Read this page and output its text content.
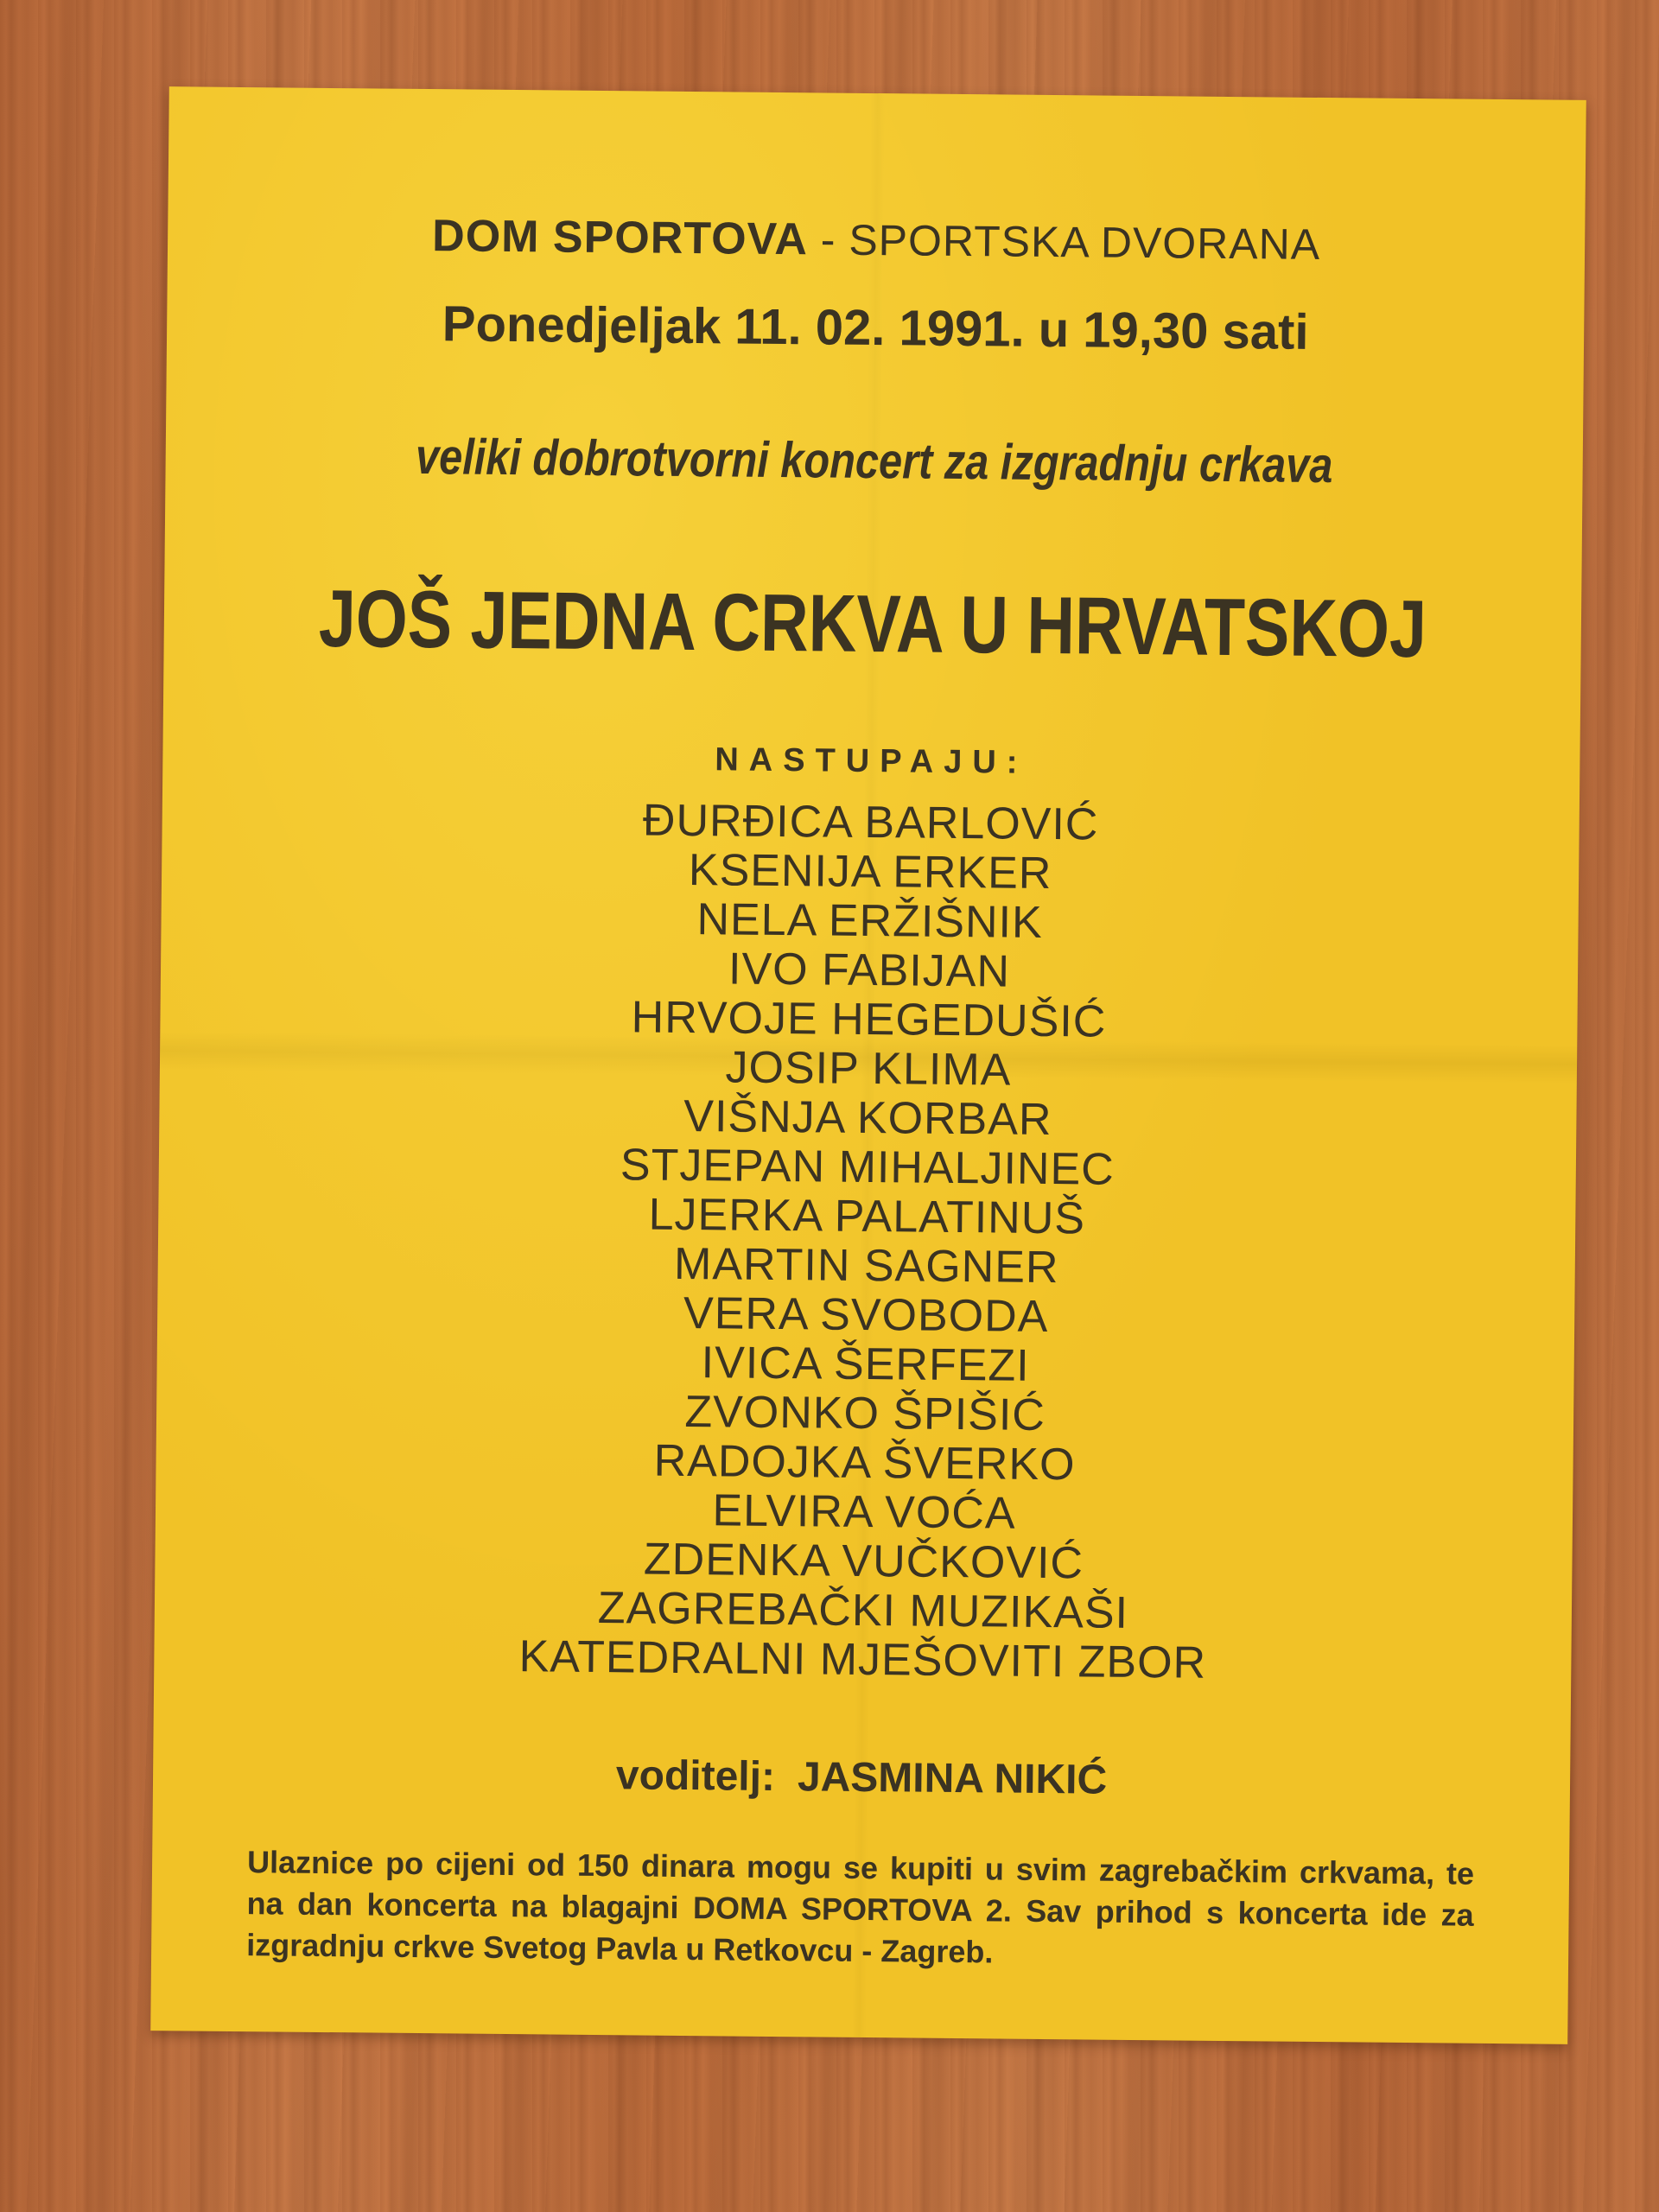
DOM SPORTOVA - SPORTSKA DVORANA
Ponedjeljak 11. 02. 1991. u 19,30 sati
veliki dobrotvorni koncert za izgradnju crkava
JOŠ JEDNA CRKVA U HRVATSKOJ
NASTUPAJU:
ĐURĐICA BARLOVIĆ
KSENIJA ERKER
NELA ERŽIŠNIK
IVO FABIJAN
HRVOJE HEGEDUŠIĆ
JOSIP KLIMA
VIŠNJA KORBAR
STJEPAN MIHALJINEC
LJERKA PALATINUŠ
MARTIN SAGNER
VERA SVOBODA
IVICA ŠERFEZI
ZVONKO ŠPIŠIĆ
RADOJKA ŠVERKO
ELVIRA VOĆA
ZDENKA VUČKOVIĆ
ZAGREBAČKI MUZIKAŠI
KATEDRALNI MJEŠOVITI ZBOR
voditelj: JASMINA NIKIĆ

Ulaznice po cijeni od 150 dinara mogu se kupiti u svim zagrebačkim crkvama, te na dan koncerta na blagajni DOMA SPORTOVA 2. Sav prihod s koncerta ide za izgradnju crkve Svetog Pavla u Retkovcu - Zagreb.
